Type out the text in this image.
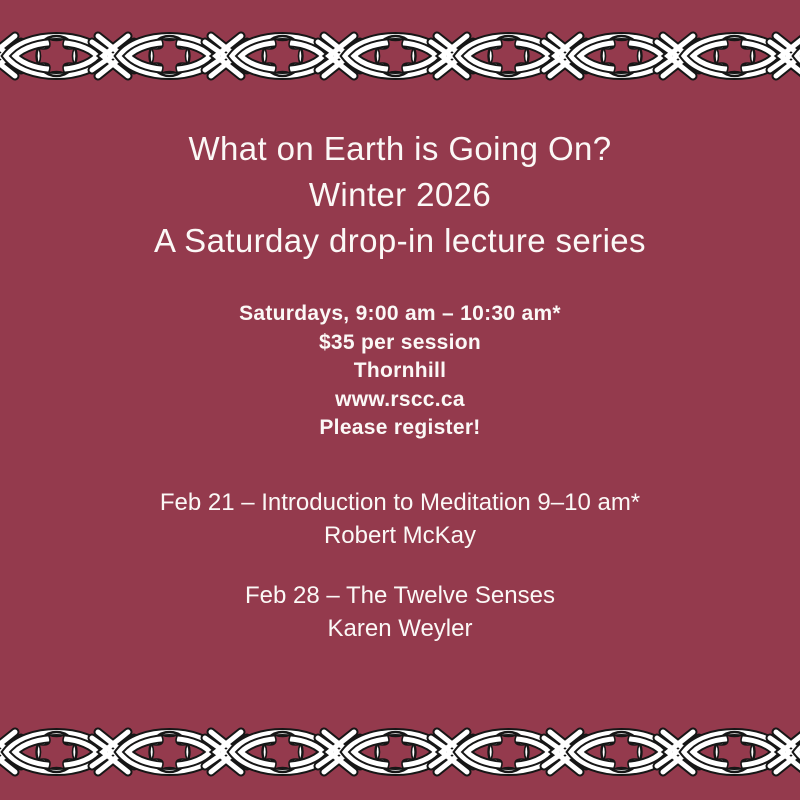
What on Earth is Going On?
Winter 2026
A Saturday drop-in lecture series
Saturdays, 9:00 am – 10:30 am*
$35 per session
Thornhill
www.rscc.ca
Please register!
Feb 21 – Introduction to Meditation 9–10 am*
Robert McKay
Feb 28 – The Twelve Senses
Karen Weyler
